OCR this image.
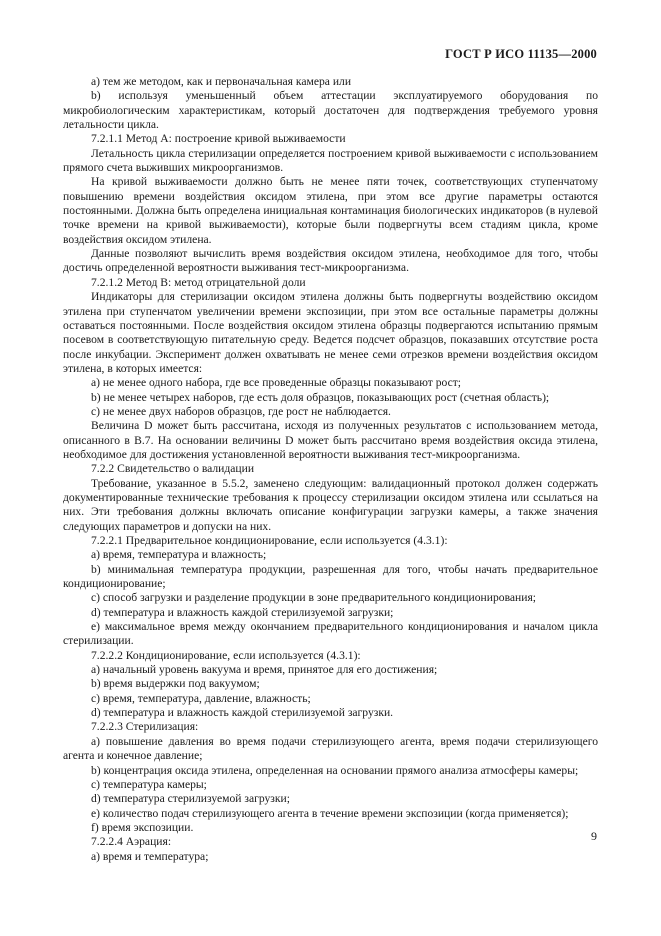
ГОСТ Р ИСО 11135—2000

a) тем же методом, как и первоначальная камера или

b) используя уменьшенный объем аттестации эксплуатируемого оборудования по микробиологическим характеристикам, который достаточен для подтверждения требуемого уровня летальности цикла.

7.2.1.1 Метод А: построение кривой выживаемости

Летальность цикла стерилизации определяется построением кривой выживаемости с использованием прямого счета выживших микроорганизмов.

На кривой выживаемости должно быть не менее пяти точек, соответствующих ступенчатому повышению времени воздействия оксидом этилена, при этом все другие параметры остаются постоянными. Должна быть определена инициальная контаминация биологических индикаторов (в нулевой точке времени на кривой выживаемости), которые были подвергнуты всем стадиям цикла, кроме воздействия оксидом этилена.

Данные позволяют вычислить время воздействия оксидом этилена, необходимое для того, чтобы достичь определенной вероятности выживания тест-микроорганизма.

7.2.1.2 Метод В: метод отрицательной доли

Индикаторы для стерилизации оксидом этилена должны быть подвергнуты воздействию оксидом этилена при ступенчатом увеличении времени экспозиции, при этом все остальные параметры должны оставаться постоянными. После воздействия оксидом этилена образцы подвергаются испытанию прямым посевом в соответствующую питательную среду. Ведется подсчет образцов, показавших отсутствие роста после инкубации. Эксперимент должен охватывать не менее семи отрезков времени воздействия оксидом этилена, в которых имеется:

a) не менее одного набора, где все проведенные образцы показывают рост;

b) не менее четырех наборов, где есть доля образцов, показывающих рост (счетная область);

c) не менее двух наборов образцов, где рост не наблюдается.

Величина D может быть рассчитана, исходя из полученных результатов с использованием метода, описанного в В.7. На основании величины D может быть рассчитано время воздействия оксида этилена, необходимое для достижения установленной вероятности выживания тест-микроорганизма.

7.2.2 Свидетельство о валидации

Требование, указанное в 5.5.2, заменено следующим: валидационный протокол должен содержать документированные технические требования к процессу стерилизации оксидом этилена или ссылаться на них. Эти требования должны включать описание конфигурации загрузки камеры, а также значения следующих параметров и допуски на них.

7.2.2.1 Предварительное кондиционирование, если используется (4.3.1):

a) время, температура и влажность;

b) минимальная температура продукции, разрешенная для того, чтобы начать предварительное кондиционирование;

c) способ загрузки и разделение продукции в зоне предварительного кондиционирования;

d) температура и влажность каждой стерилизуемой загрузки;

e) максимальное время между окончанием предварительного кондиционирования и началом цикла стерилизации.

7.2.2.2 Кондиционирование, если используется (4.3.1):

a) начальный уровень вакуума и время, принятое для его достижения;

b) время выдержки под вакуумом;

c) время, температура, давление, влажность;

d) температура и влажность каждой стерилизуемой загрузки.

7.2.2.3 Стерилизация:

a) повышение давления во время подачи стерилизующего агента, время подачи стерилизующего агента и конечное давление;

b) концентрация оксида этилена, определенная на основании прямого анализа атмосферы камеры;

c) температура камеры;

d) температура стерилизуемой загрузки;

e) количество подач стерилизующего агента в течение времени экспозиции (когда применяется);

f) время экспозиции.

7.2.2.4 Аэрация:

a) время и температура;

9
